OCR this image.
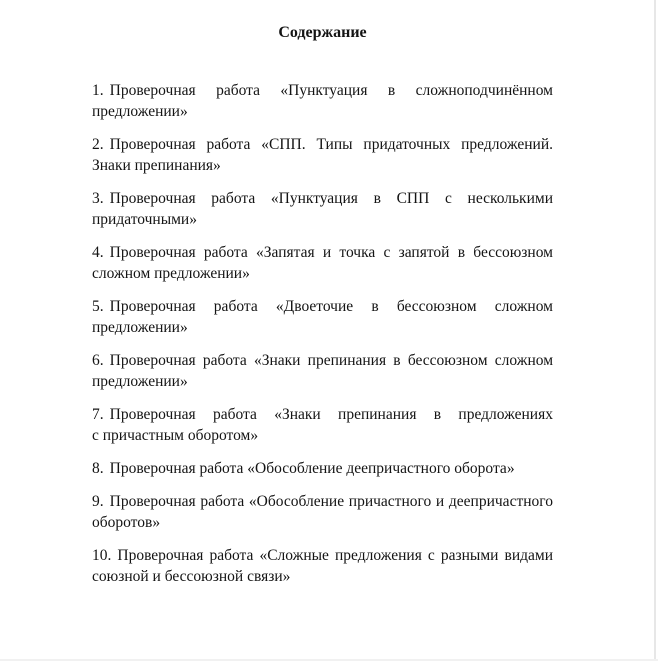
Содержание
1. Проверочная работа «Пунктуация в сложноподчинённом
предложении»
2. Проверочная работа «СПП. Типы придаточных предложений.
Знаки препинания»
3. Проверочная работа «Пунктуация в СПП с несколькими
придаточными»
4. Проверочная работа «Запятая и точка с запятой в бессоюзном
сложном предложении»
5. Проверочная работа «Двоеточие в бессоюзном сложном
предложении»
6. Проверочная работа «Знаки препинания в бессоюзном сложном
предложении»
7. Проверочная работа «Знаки препинания в предложениях
с причастным оборотом»
8. Проверочная работа «Обособление деепричастного оборота»
9. Проверочная работа «Обособление причастного и деепричастного
оборотов»
10. Проверочная работа «Сложные предложения с разными видами
союзной и бессоюзной связи»
